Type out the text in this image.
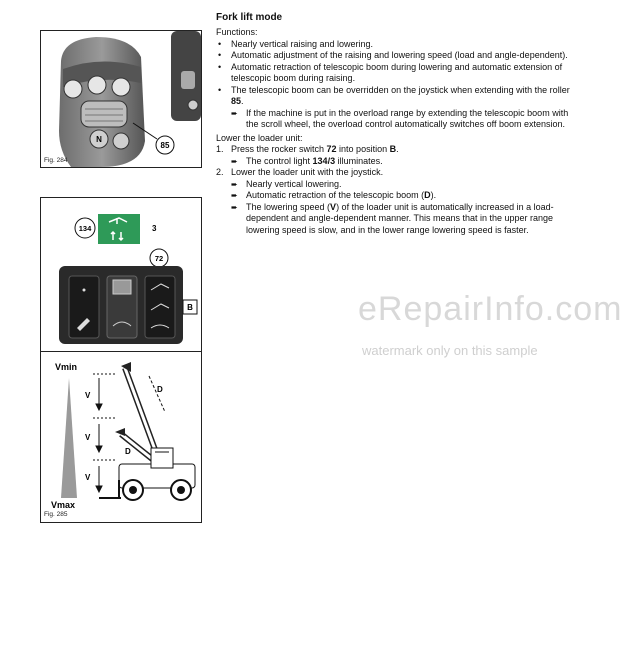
N
85
Fig. 284
134	3
72
B
Vmin
Vmax
V
V
V
D
D
Fig. 285
Fork lift mode

Functions:

• Nearly vertical raising and lowering.
• Automatic adjustment of the raising and lowering speed (load and angle-dependent).
• Automatic retraction of telescopic boom during lowering and automatic extension of telescopic boom during raising.
• The telescopic boom can be overridden on the joystick when extending with the roller 85.
➨ If the machine is put in the overload range by extending the telescopic boom with the scroll wheel, the overload control automatically switches off boom extension.

Lower the loader unit:

1. Press the rocker switch 72 into position B.
➨ The control light 134/3 illuminates.
2. Lower the loader unit with the joystick.
➨ Nearly vertical lowering.
➨ Automatic retraction of the telescopic boom (D).
➨ The lowering speed (V) of the loader unit is automatically increased in a load-dependent and angle-dependent manner. This means that in the upper range lowering speed is slow, and in the lower range lowering speed is faster.
eRepairInfo.com
watermark only on this sample
